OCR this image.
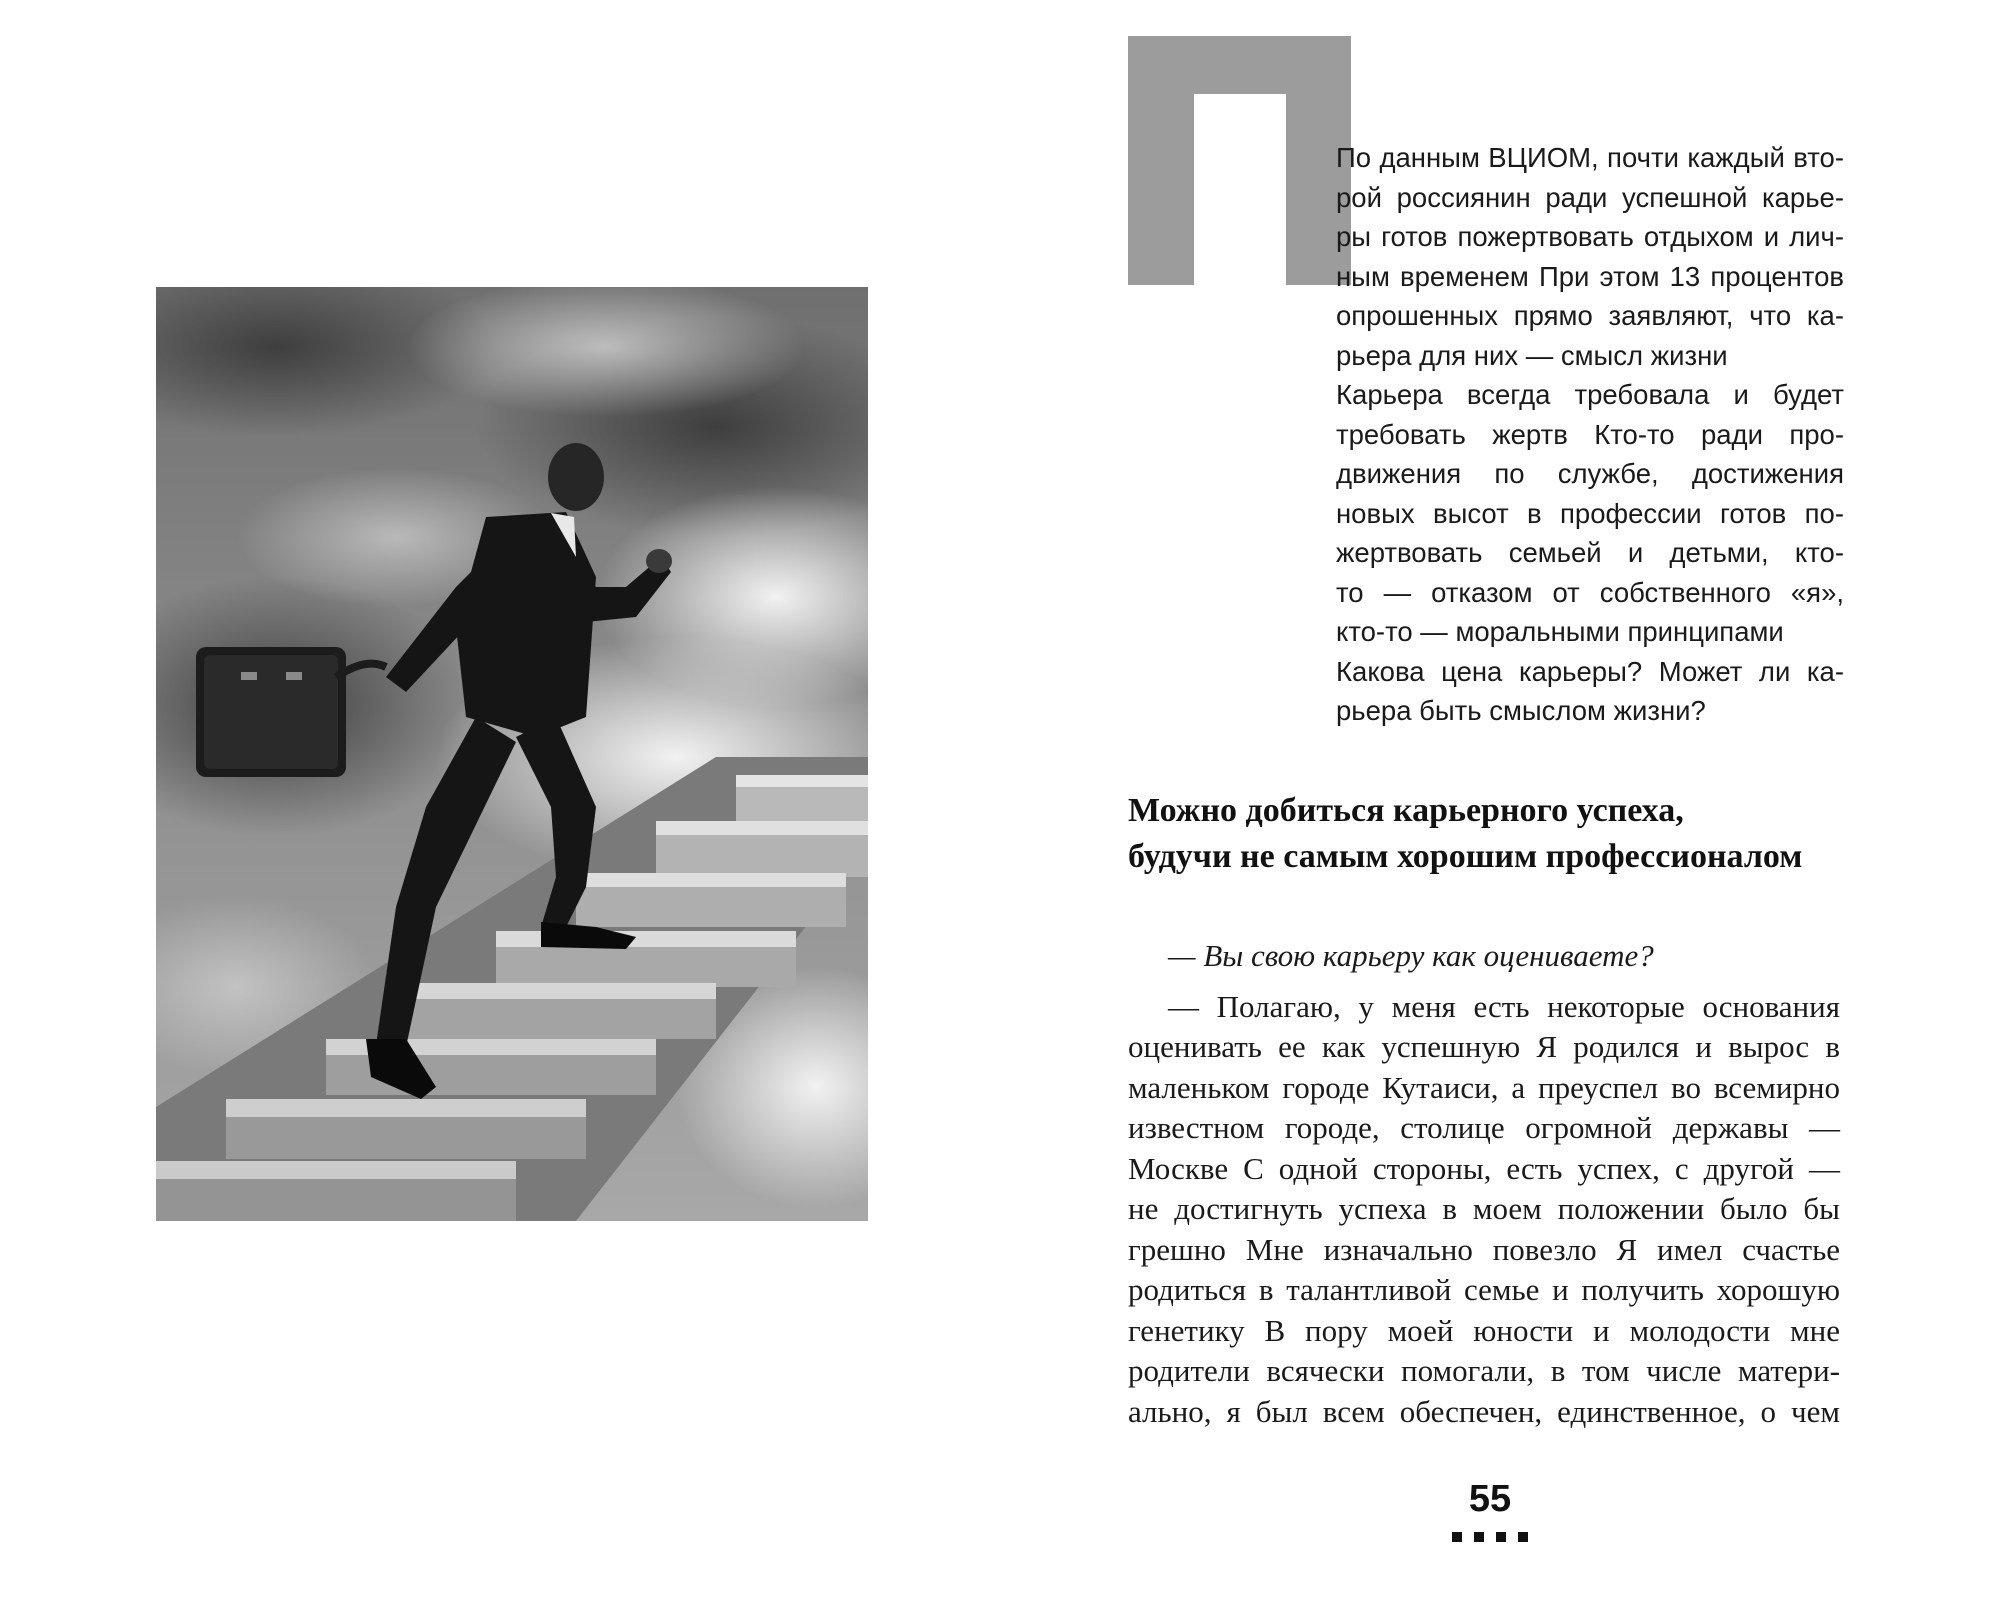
По данным ВЦИОМ, почти каждый вто-
рой россиянин ради успешной карье-
ры готов пожертвовать отдыхом и лич-
ным временем При этом 13 процентов
опрошенных прямо заявляют, что ка-
рьера для них — смысл жизни
Карьера всегда требовала и будет
требовать жертв Кто-то ради про-
движения по службе, достижения
новых высот в профессии готов по-
жертвовать семьей и детьми, кто-
то — отказом от собственного «я»,
кто-то — моральными принципами
Какова цена карьеры? Может ли ка-
рьера быть смыслом жизни?
Можно добиться карьерного успеха,
будучи не самым хорошим профессионалом
— Вы свою карьеру как оцениваете?
— Полагаю, у меня есть некоторые основания
оценивать ее как успешную Я родился и вырос в
маленьком городе Кутаиси, а преуспел во всемирно
известном городе, столице огромной державы —
Москве С одной стороны, есть успех, с другой —
не достигнуть успеха в моем положении было бы
грешно Мне изначально повезло Я имел счастье
родиться в талантливой семье и получить хорошую
генетику В пору моей юности и молодости мне
родители всячески помогали, в том числе матери-
ально, я был всем обеспечен, единственное, о чем
55
